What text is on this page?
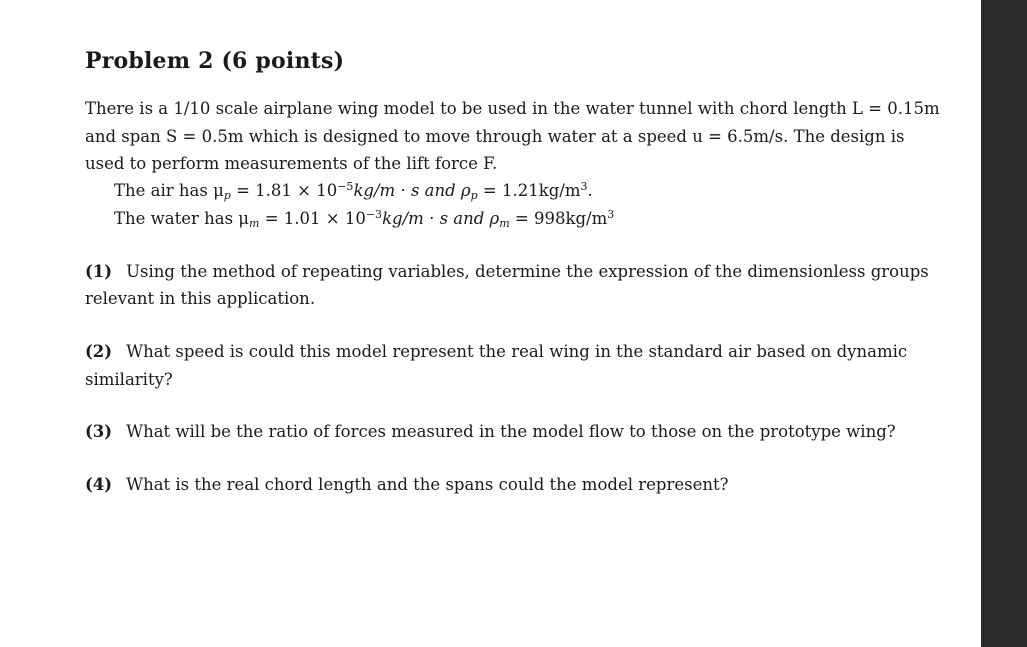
Problem 2 (6 points)
There is a 1/10 scale airplane wing model to be used in the water tunnel with chord length L = 0.15m
and span S = 0.5m which is designed to move through water at a speed u = 6.5m/s. The design is
used to perform measurements of the lift force F.
The air has $\mu_p = 1.81 \times 10^{-5}kg/m \cdot s$ and $\rho_p = 1.21kg/m^3$.
The water has $\mu_m = 1.01 \times 10^{-3}kg/m \cdot s$ and $\rho_m = 998kg/m^3$
(1) Using the method of repeating variables, determine the expression of the dimensionless groups
relevant in this application.
(2) What speed is could this model represent the real wing in the standard air based on dynamic
similarity?
(3) What will be the ratio of forces measured in the model flow to those on the prototype wing?
(4) What is the real chord length and the spans could the model represent?
